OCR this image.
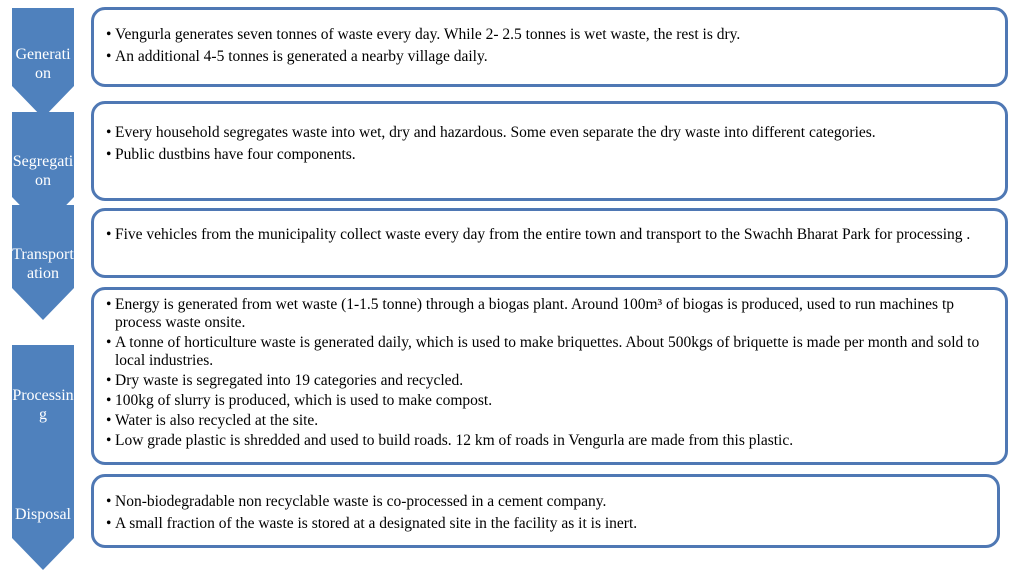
Generation
Segregation
Transportation
Processing
Disposal
• Vengurla generates seven tonnes of waste every day. While 2- 2.5 tonnes is wet waste, the rest is dry.
• An additional 4-5 tonnes is generated a nearby village daily.
• Every household segregates waste into wet, dry and hazardous. Some even separate the dry waste into different categories.
• Public dustbins have four components.
• Five vehicles from the municipality collect waste every day from the entire town and transport to the Swachh Bharat Park for processing .
• Energy is generated from wet waste (1-1.5 tonne) through a biogas plant. Around 100m³ of biogas is produced, used to run machines tp process waste onsite.
• A tonne of horticulture waste is generated daily, which is used to make briquettes. About 500kgs of briquette is made per month and sold to local industries.
• Dry waste is segregated into 19 categories and recycled.
• 100kg of slurry is produced, which is used to make compost.
• Water is also recycled at the site.
• Low grade plastic is shredded and used to build roads. 12 km of roads in Vengurla are made from this plastic.
• Non-biodegradable non recyclable waste is co-processed in a cement company.
• A small fraction of the waste is stored at a designated site in the facility as it is inert.
